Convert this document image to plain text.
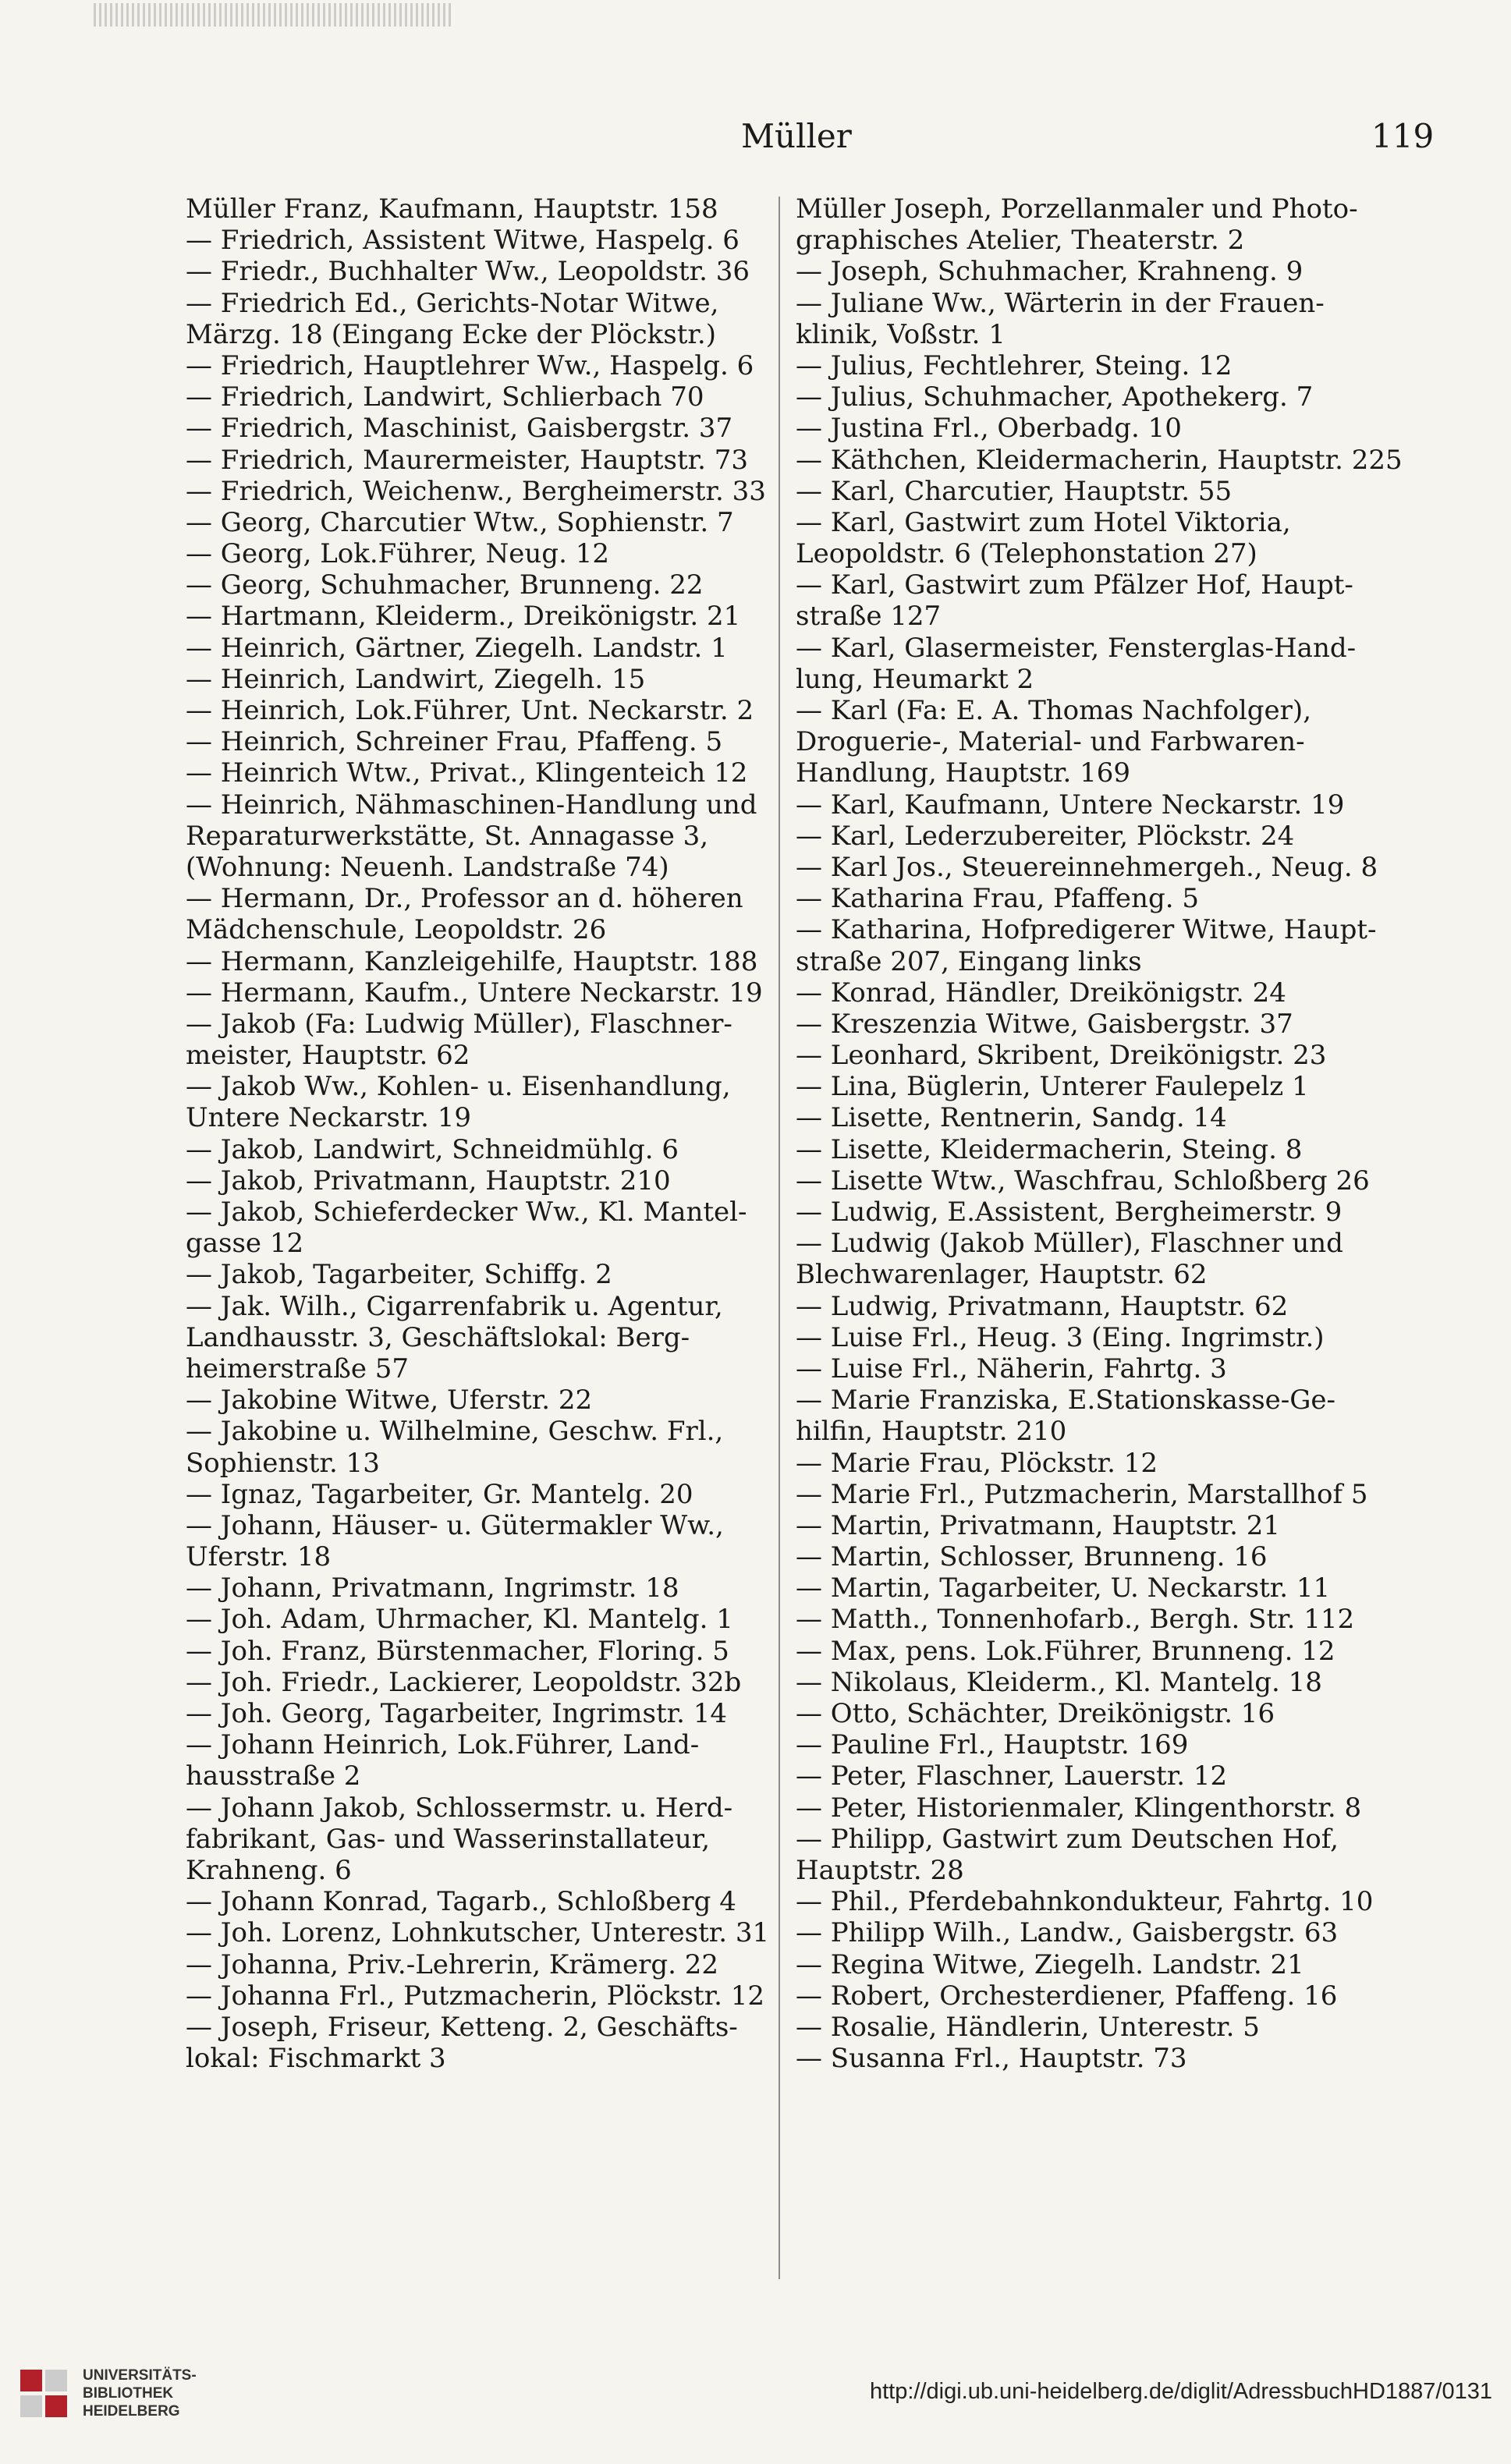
Müller	119
Müller Franz, Kaufmann, Hauptstr. 158
— Friedrich, Assistent Witwe, Haspelg. 6
— Friedr., Buchhalter Ww., Leopoldstr. 36
— Friedrich Ed., Gerichts-Notar Witwe,
Märzg. 18 (Eingang Ecke der Plöckstr.)
— Friedrich, Hauptlehrer Ww., Haspelg. 6
— Friedrich, Landwirt, Schlierbach 70
— Friedrich, Maschinist, Gaisbergstr. 37
— Friedrich, Maurermeister, Hauptstr. 73
— Friedrich, Weichenw., Bergheimerstr. 33
— Georg, Charcutier Wtw., Sophienstr. 7
— Georg, Lok.Führer, Neug. 12
— Georg, Schuhmacher, Brunneng. 22
— Hartmann, Kleiderm., Dreikönigstr. 21
— Heinrich, Gärtner, Ziegelh. Landstr. 1
— Heinrich, Landwirt, Ziegelh. 15
— Heinrich, Lok.Führer, Unt. Neckarstr. 2
— Heinrich, Schreiner Frau, Pfaffeng. 5
— Heinrich Wtw., Privat., Klingenteich 12
— Heinrich, Nähmaschinen-Handlung und
Reparaturwerkstätte, St. Annagasse 3,
(Wohnung: Neuenh. Landstraße 74)
— Hermann, Dr., Professor an d. höheren
Mädchenschule, Leopoldstr. 26
— Hermann, Kanzleigehilfe, Hauptstr. 188
— Hermann, Kaufm., Untere Neckarstr. 19
— Jakob (Fa: Ludwig Müller), Flaschner-
meister, Hauptstr. 62
— Jakob Ww., Kohlen- u. Eisenhandlung,
Untere Neckarstr. 19
— Jakob, Landwirt, Schneidmühlg. 6
— Jakob, Privatmann, Hauptstr. 210
— Jakob, Schieferdecker Ww., Kl. Mantel-
gasse 12
— Jakob, Tagarbeiter, Schiffg. 2
— Jak. Wilh., Cigarrenfabrik u. Agentur,
Landhausstr. 3, Geschäftslokal: Berg-
heimerstraße 57
— Jakobine Witwe, Uferstr. 22
— Jakobine u. Wilhelmine, Geschw. Frl.,
Sophienstr. 13
— Ignaz, Tagarbeiter, Gr. Mantelg. 20
— Johann, Häuser- u. Gütermakler Ww.,
Uferstr. 18
— Johann, Privatmann, Ingrimstr. 18
— Joh. Adam, Uhrmacher, Kl. Mantelg. 1
— Joh. Franz, Bürstenmacher, Floring. 5
— Joh. Friedr., Lackierer, Leopoldstr. 32b
— Joh. Georg, Tagarbeiter, Ingrimstr. 14
— Johann Heinrich, Lok.Führer, Land-
hausstraße 2
— Johann Jakob, Schlossermstr. u. Herd-
fabrikant, Gas- und Wasserinstallateur,
Krahneng. 6
— Johann Konrad, Tagarb., Schloßberg 4
— Joh. Lorenz, Lohnkutscher, Unterestr. 31
— Johanna, Priv.-Lehrerin, Krämerg. 22
— Johanna Frl., Putzmacherin, Plöckstr. 12
— Joseph, Friseur, Ketteng. 2, Geschäfts-
lokal: Fischmarkt 3
Müller Joseph, Porzellanmaler und Photo-
graphisches Atelier, Theaterstr. 2
— Joseph, Schuhmacher, Krahneng. 9
— Juliane Ww., Wärterin in der Frauen-
klinik, Voßstr. 1
— Julius, Fechtlehrer, Steing. 12
— Julius, Schuhmacher, Apothekerg. 7
— Justina Frl., Oberbadg. 10
— Käthchen, Kleidermacherin, Hauptstr. 225
— Karl, Charcutier, Hauptstr. 55
— Karl, Gastwirt zum Hotel Viktoria,
Leopoldstr. 6 (Telephonstation 27)
— Karl, Gastwirt zum Pfälzer Hof, Haupt-
straße 127
— Karl, Glasermeister, Fensterglas-Hand-
lung, Heumarkt 2
— Karl (Fa: E. A. Thomas Nachfolger),
Droguerie-, Material- und Farbwaren-
Handlung, Hauptstr. 169
— Karl, Kaufmann, Untere Neckarstr. 19
— Karl, Lederzubereiter, Plöckstr. 24
— Karl Jos., Steuereinnehmergeh., Neug. 8
— Katharina Frau, Pfaffeng. 5
— Katharina, Hofpredigerer Witwe, Haupt-
straße 207, Eingang links
— Konrad, Händler, Dreikönigstr. 24
— Kreszenzia Witwe, Gaisbergstr. 37
— Leonhard, Skribent, Dreikönigstr. 23
— Lina, Büglerin, Unterer Faulepelz 1
— Lisette, Rentnerin, Sandg. 14
— Lisette, Kleidermacherin, Steing. 8
— Lisette Wtw., Waschfrau, Schloßberg 26
— Ludwig, E.Assistent, Bergheimerstr. 9
— Ludwig (Jakob Müller), Flaschner und
Blechwarenlager, Hauptstr. 62
— Ludwig, Privatmann, Hauptstr. 62
— Luise Frl., Heug. 3 (Eing. Ingrimstr.)
— Luise Frl., Näherin, Fahrtg. 3
— Marie Franziska, E.Stationskasse-Ge-
hilfin, Hauptstr. 210
— Marie Frau, Plöckstr. 12
— Marie Frl., Putzmacherin, Marstallhof 5
— Martin, Privatmann, Hauptstr. 21
— Martin, Schlosser, Brunneng. 16
— Martin, Tagarbeiter, U. Neckarstr. 11
— Matth., Tonnenhofarb., Bergh. Str. 112
— Max, pens. Lok.Führer, Brunneng. 12
— Nikolaus, Kleiderm., Kl. Mantelg. 18
— Otto, Schächter, Dreikönigstr. 16
— Pauline Frl., Hauptstr. 169
— Peter, Flaschner, Lauerstr. 12
— Peter, Historienmaler, Klingenthorstr. 8
— Philipp, Gastwirt zum Deutschen Hof,
Hauptstr. 28
— Phil., Pferdebahnkondukteur, Fahrtg. 10
— Philipp Wilh., Landw., Gaisbergstr. 63
— Regina Witwe, Ziegelh. Landstr. 21
— Robert, Orchesterdiener, Pfaffeng. 16
— Rosalie, Händlerin, Unterestr. 5
— Susanna Frl., Hauptstr. 73
UNIVERSITÄTS-
BIBLIOTHEK
HEIDELBERG
http://digi.ub.uni-heidelberg.de/diglit/AdressbuchHD1887/0131
